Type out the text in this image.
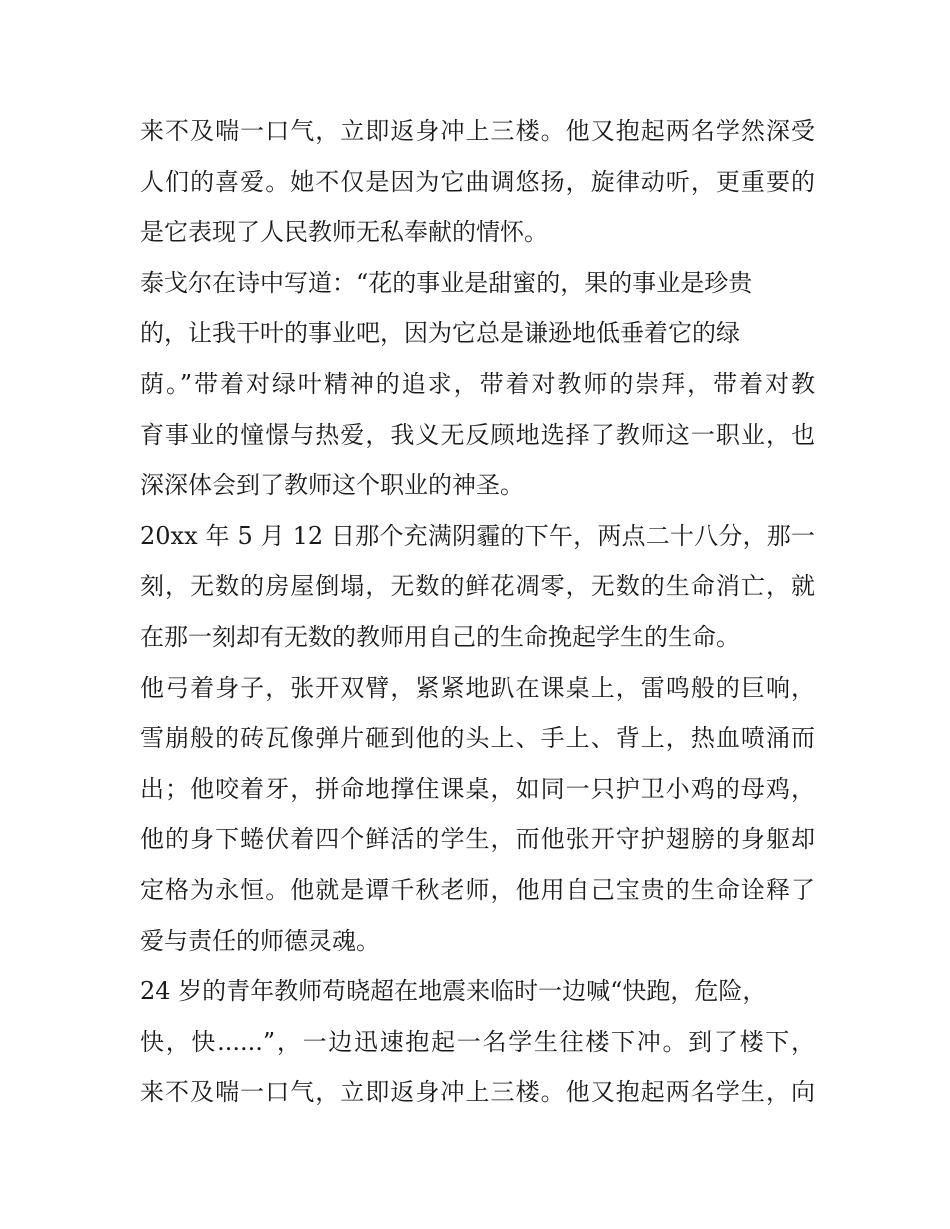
来不及喘一口气，立即返身冲上三楼。他又抱起两名学然深受
人们的喜爱。她不仅是因为它曲调悠扬，旋律动听，更重要的
是它表现了人民教师无私奉献的情怀。
泰戈尔在诗中写道：“花的事业是甜蜜的，果的事业是珍贵
的，让我干叶的事业吧，因为它总是谦逊地低垂着它的绿
荫。”带着对绿叶精神的追求，带着对教师的崇拜，带着对教
育事业的憧憬与热爱，我义无反顾地选择了教师这一职业，也
深深体会到了教师这个职业的神圣。
20xx 年 5 月 12 日那个充满阴霾的下午，两点二十八分，那一
刻，无数的房屋倒塌，无数的鲜花凋零，无数的生命消亡，就
在那一刻却有无数的教师用自己的生命挽起学生的生命。
他弓着身子，张开双臂，紧紧地趴在课桌上，雷鸣般的巨响，
雪崩般的砖瓦像弹片砸到他的头上、手上、背上，热血喷涌而
出；他咬着牙，拼命地撑住课桌，如同一只护卫小鸡的母鸡，
他的身下蜷伏着四个鲜活的学生，而他张开守护翅膀的身躯却
定格为永恒。他就是谭千秋老师，他用自己宝贵的生命诠释了
爱与责任的师德灵魂。
24 岁的青年教师苟晓超在地震来临时一边喊“快跑，危险，
快，快......”，一边迅速抱起一名学生往楼下冲。到了楼下，
来不及喘一口气，立即返身冲上三楼。他又抱起两名学生，向
